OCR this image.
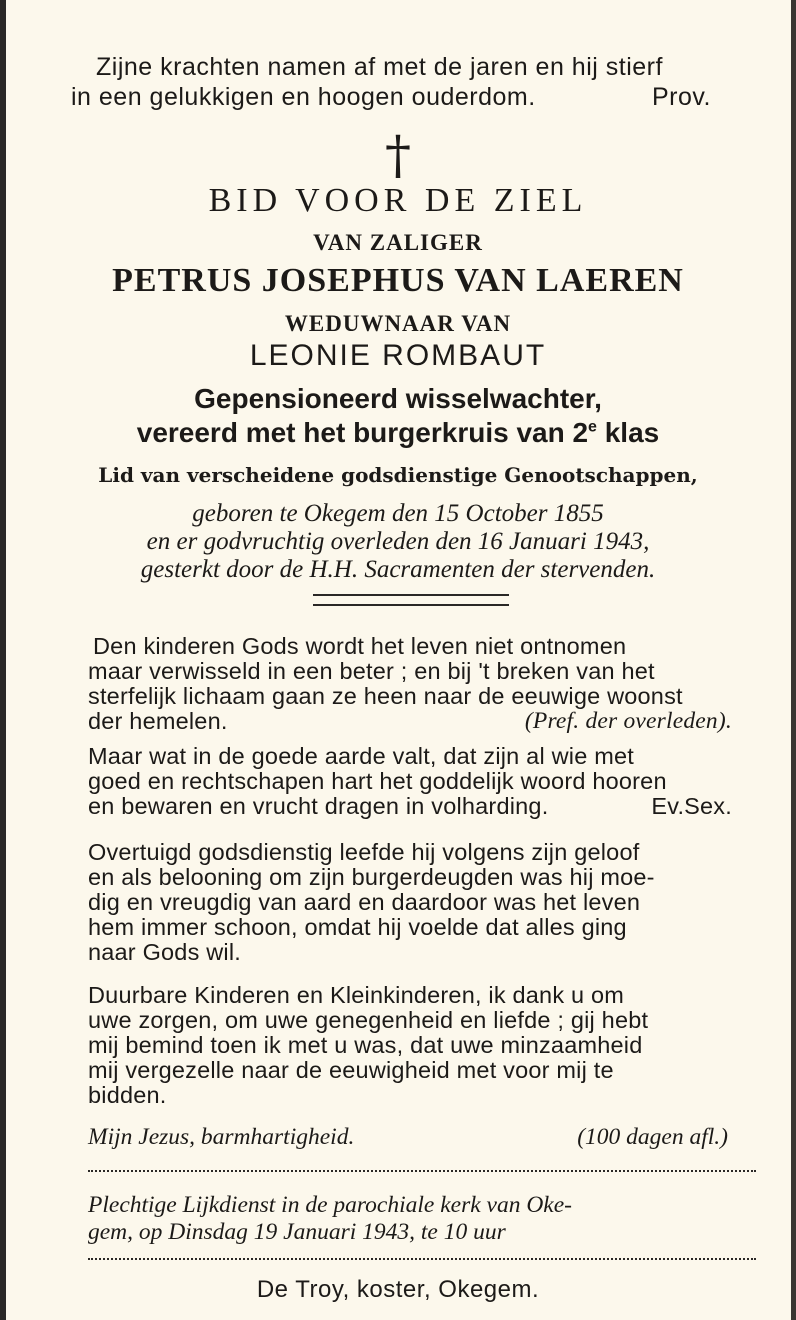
Zijne krachten namen af met de jaren en hij stierf
in een gelukkigen en hoogen ouderdom.	Prov.
†
BID VOOR DE ZIEL
VAN ZALIGER
PETRUS JOSEPHUS VAN LAEREN
WEDUWNAAR VAN
LEONIE ROMBAUT
Gepensioneerd wisselwachter,
vereerd met het burgerkruis van 2e klas
Lid van verscheidene godsdienstige Genootschappen,
geboren te Okegem den 15 October 1855
en er godvruchtig overleden den 16 Januari 1943,
gesterkt door de H.H. Sacramenten der stervenden.
Den kinderen Gods wordt het leven niet ontnomen
maar verwisseld in een beter ; en bij 't breken van het
sterfelijk lichaam gaan ze heen naar de eeuwige woonst
der hemelen.	(Pref. der overleden).
Maar wat in de goede aarde valt, dat zijn al wie met
goed en rechtschapen hart het goddelijk woord hooren
en bewaren en vrucht dragen in volharding.	Ev.Sex.
Overtuigd godsdienstig leefde hij volgens zijn geloof
en als belooning om zijn burgerdeugden was hij moe-
dig en vreugdig van aard en daardoor was het leven
hem immer schoon, omdat hij voelde dat alles ging
naar Gods wil.
Duurbare Kinderen en Kleinkinderen, ik dank u om
uwe zorgen, om uwe genegenheid en liefde ; gij hebt
mij bemind toen ik met u was, dat uwe minzaamheid
mij vergezelle naar de eeuwigheid met voor mij te
bidden.
Mijn Jezus, barmhartigheid.	(100 dagen afl.)
Plechtige Lijkdienst in de parochiale kerk van Oke-
gem, op Dinsdag 19 Januari 1943, te 10 uur
De Troy, koster, Okegem.
